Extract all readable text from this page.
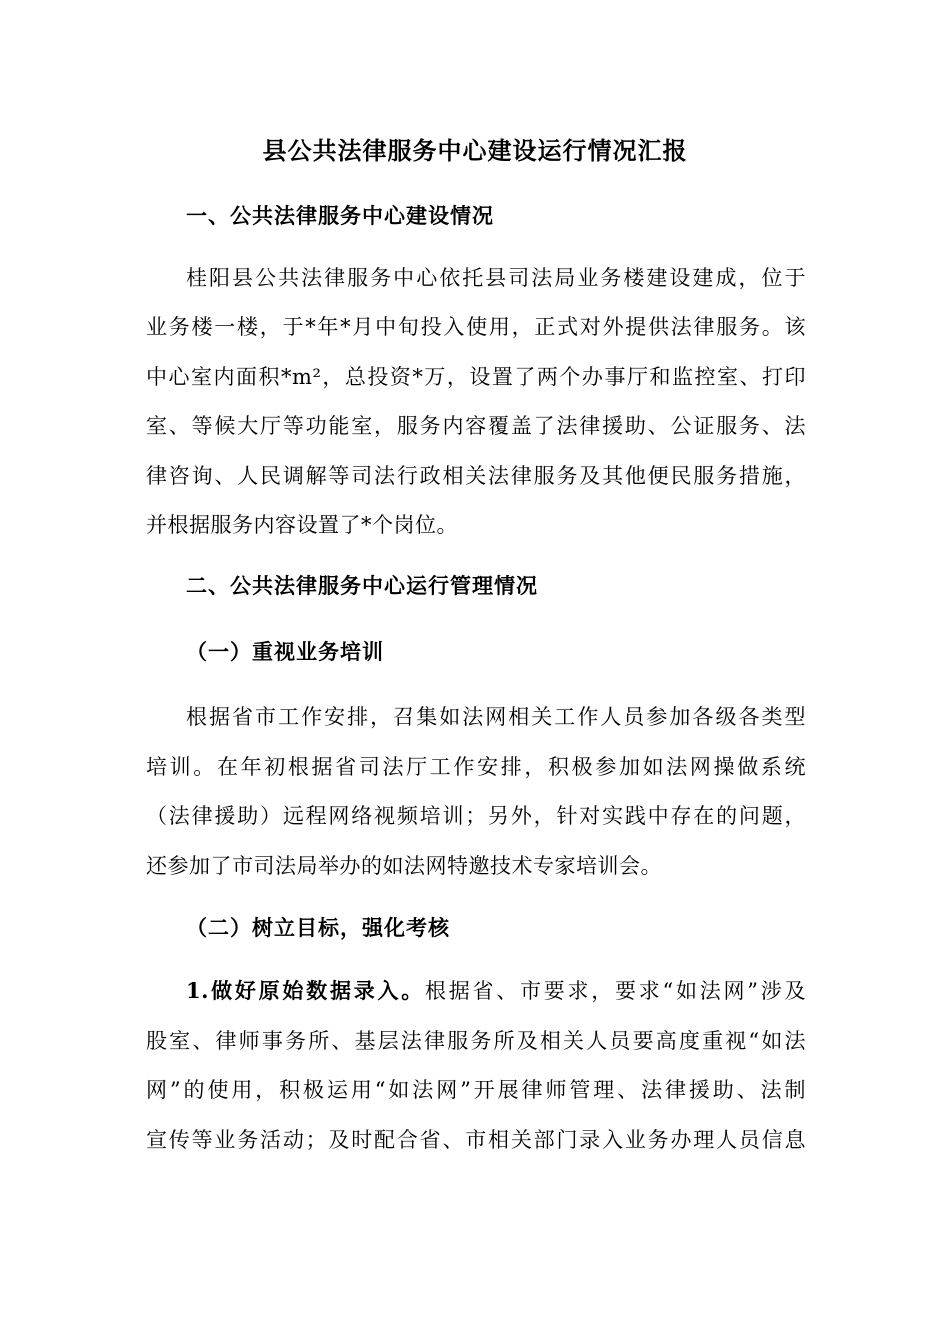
县公共法律服务中心建设运行情况汇报
一、公共法律服务中心建设情况
桂阳县公共法律服务中心依托县司法局业务楼建设建成，位于
业务楼一楼，于*年*月中旬投入使用，正式对外提供法律服务。该
中心室内面积*m²，总投资*万，设置了两个办事厅和监控室、打印
室、等候大厅等功能室，服务内容覆盖了法律援助、公证服务、法
律咨询、人民调解等司法行政相关法律服务及其他便民服务措施，
并根据服务内容设置了*个岗位。
二、公共法律服务中心运行管理情况
（一）重视业务培训
根据省市工作安排，召集如法网相关工作人员参加各级各类型
培训。在年初根据省司法厅工作安排，积极参加如法网操做系统
（法律援助）远程网络视频培训；另外，针对实践中存在的问题，
还参加了市司法局举办的如法网特邀技术专家培训会。
（二）树立目标，强化考核
1.做好原始数据录入。根据省、市要求，要求“如法网”涉及
股室、律师事务所、基层法律服务所及相关人员要高度重视“如法
网”的使用，积极运用“如法网”开展律师管理、法律援助、法制
宣传等业务活动；及时配合省、市相关部门录入业务办理人员信息
